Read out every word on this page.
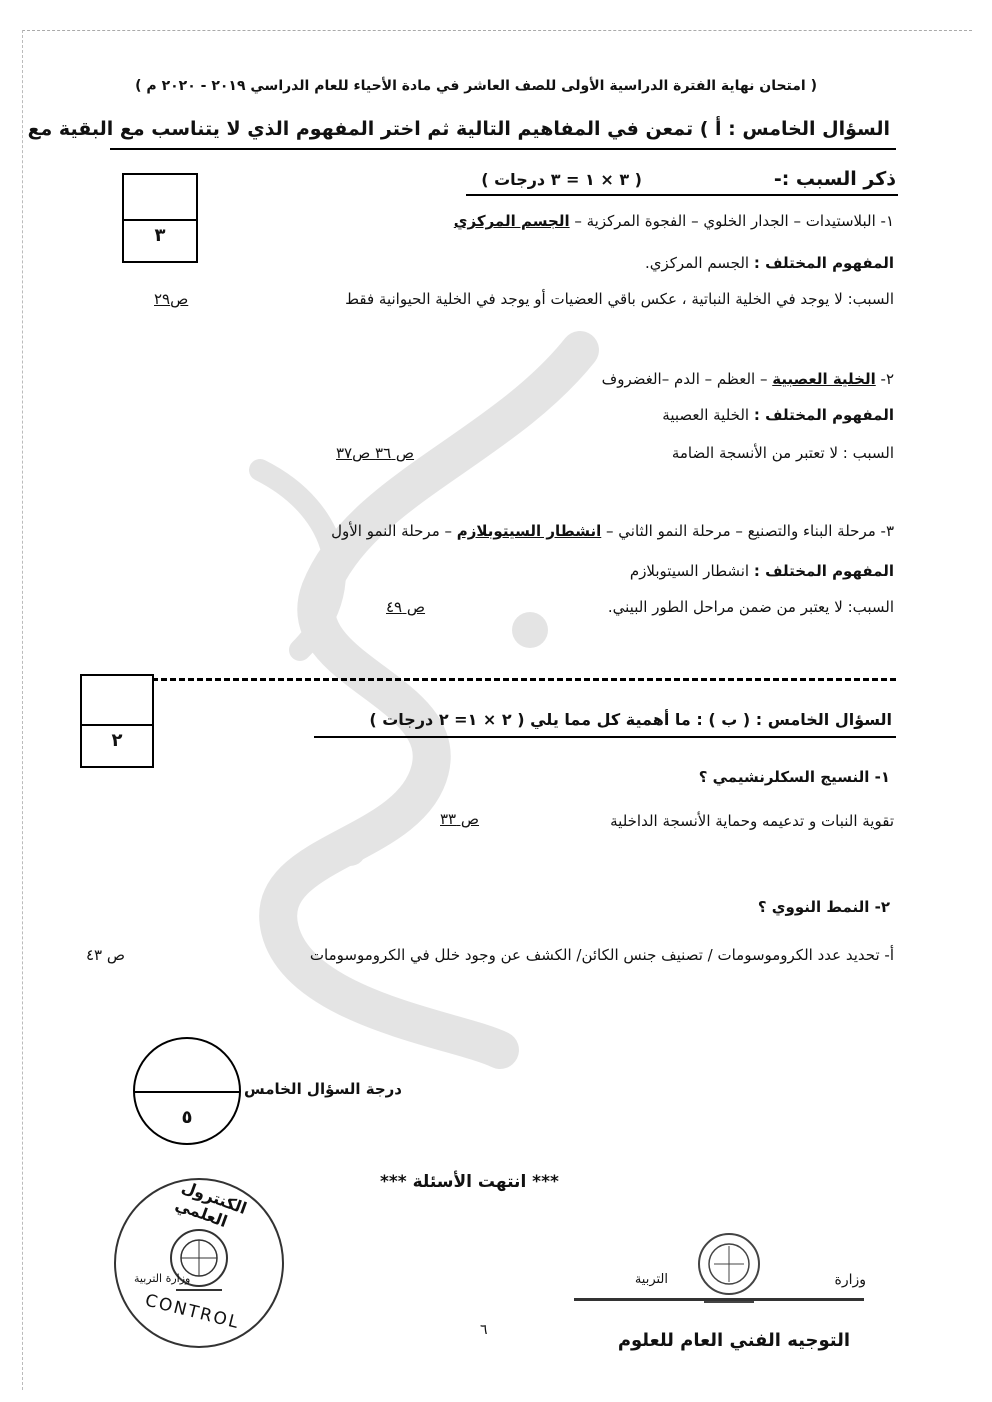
( امتحان نهاية الفترة الدراسية الأولى للصف العاشر في مادة الأحياء للعام الدراسي ٢٠١٩ - ٢٠٢٠ م )
السؤال الخامس : أ ) تمعن في المفاهيم التالية ثم اختر المفهوم الذي لا يتناسب مع البقية مع
ذكر السبب :-
( ٣ × ١ = ٣ درجات )
٣
١- البلاستيدات – الجدار الخلوي – الفجوة المركزية – الجسم المركزي
المفهوم المختلف : الجسم المركزي.
السبب: لا يوجد في الخلية النباتية ، عكس باقي العضيات أو يوجد في الخلية الحيوانية فقط
ص٢٩
٢- الخلية العصبية – العظم – الدم –الغضروف
المفهوم المختلف : الخلية العصبية
السبب : لا تعتبر من الأنسجة الضامة
ص ٣٦ ص٣٧
٣- مرحلة البناء والتصنيع – مرحلة النمو الثاني – انشطار السيتوبلازم – مرحلة النمو الأول
المفهوم المختلف : انشطار السيتوبلازم
السبب: لا يعتبر من ضمن مراحل الطور البيني.
ص ٤٩
٢
السؤال الخامس : ( ب ) : ما أهمية كل مما يلي ( ٢ × ١= ٢ درجات )
١- النسيج السكلرنشيمي ؟
تقوية النبات و تدعيمه وحماية الأنسجة الداخلية
ص ٣٣
٢- النمط النووي ؟
أ- تحديد عدد الكروموسومات / تصنيف جنس الكائن/ الكشف عن وجود خلل في الكروموسومات
ص ٤٣
٥
درجة السؤال الخامس
*** انتهت الأسئلة ***
الكنترول العلمي
وزارة التربية
CONTROL	٦
وزارة
التربية
التوجيه الفني العام للعلوم
